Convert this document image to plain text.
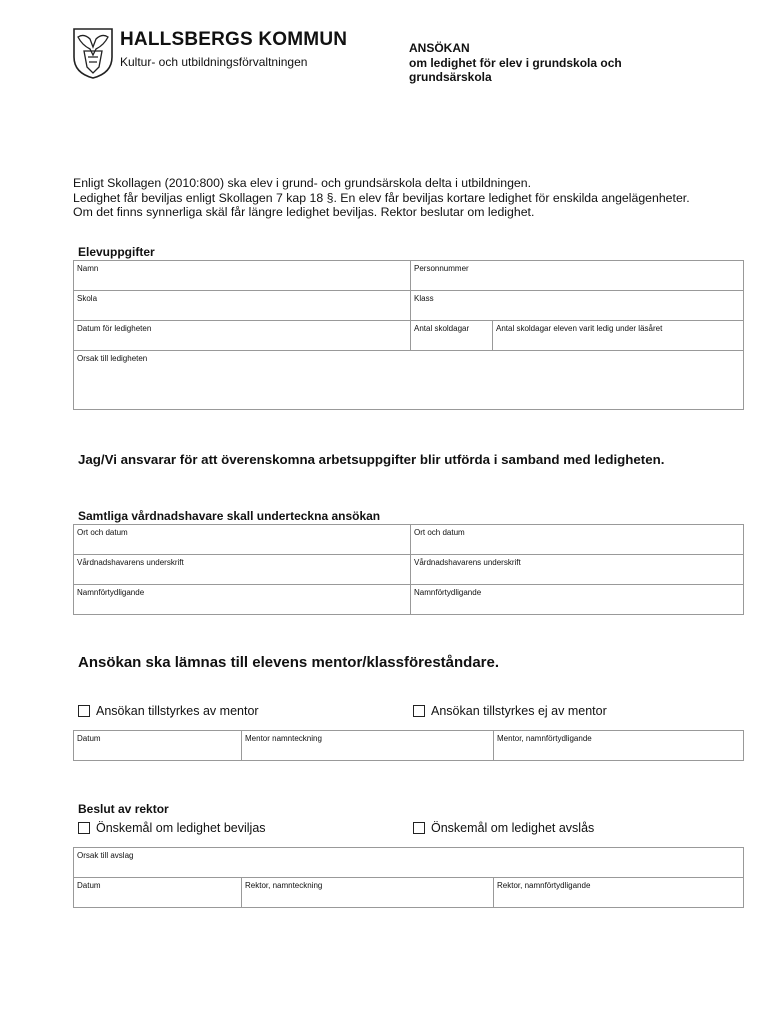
HALLSBERGS KOMMUN
Kultur- och utbildningsförvaltningen
ANSÖKAN
om ledighet för elev i grundskola och
grundsärskola
Enligt Skollagen (2010:800) ska elev i grund- och grundsärskola delta i utbildningen.
Ledighet får beviljas enligt Skollagen 7 kap 18 §. En elev får beviljas kortare ledighet för enskilda angelägenheter.
Om det finns synnerliga skäl får längre ledighet beviljas. Rektor beslutar om ledighet.
Elevuppgifter
Namn	Personnummer
Skola	Klass
Datum för ledigheten	Antal skoldagar	Antal skoldagar eleven varit ledig under läsåret
Orsak till ledigheten
Jag/Vi ansvarar för att överenskomna arbetsuppgifter blir utförda i samband med ledigheten.
Samtliga vårdnadshavare skall underteckna ansökan
Ort och datum	Ort och datum
Vårdnadshavarens underskrift	Vårdnadshavarens underskrift
Namnförtydligande	Namnförtydligande
Ansökan ska lämnas till elevens mentor/klassföreståndare.
Ansökan tillstyrkes av mentor	Ansökan tillstyrkes ej av mentor
Datum	Mentor namnteckning	Mentor, namnförtydligande
Beslut av rektor
Önskemål om ledighet beviljas	Önskemål om ledighet avslås
Orsak till avslag
Datum	Rektor, namnteckning	Rektor, namnförtydligande
